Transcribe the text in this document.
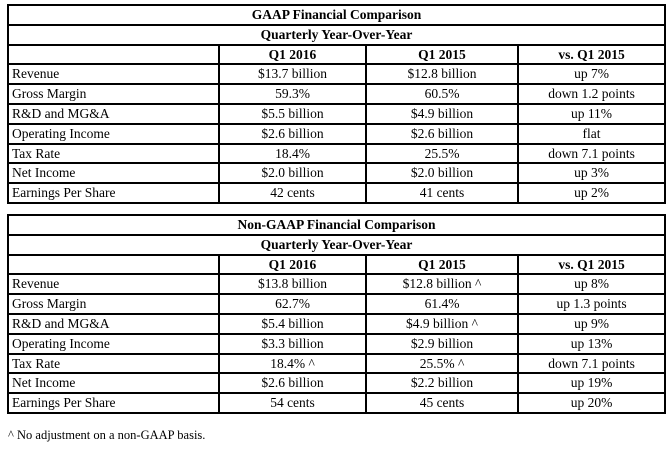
GAAP Financial Comparison			
Quarterly Year-Over-Year			
	Q1 2016	Q1 2015	vs. Q1 2015
Revenue	$13.7 billion	$12.8 billion	up 7%
Gross Margin	59.3%	60.5%	down 1.2 points
R&D and MG&A	$5.5 billion	$4.9 billion	up 11%
Operating Income	$2.6 billion	$2.6 billion	flat
Tax Rate	18.4%	25.5%	down 7.1 points
Net Income	$2.0 billion	$2.0 billion	up 3%
Earnings Per Share	42 cents	41 cents	up 2%
Non-GAAP Financial Comparison			
Quarterly Year-Over-Year			
	Q1 2016	Q1 2015	vs. Q1 2015
Revenue	$13.8 billion	$12.8 billion ^	up 8%
Gross Margin	62.7%	61.4%	up 1.3 points
R&D and MG&A	$5.4 billion	$4.9 billion ^	up 9%
Operating Income	$3.3 billion	$2.9 billion	up 13%
Tax Rate	18.4% ^	25.5% ^	down 7.1 points
Net Income	$2.6 billion	$2.2 billion	up 19%
Earnings Per Share	54 cents	45 cents	up 20%

^ No adjustment on a non-GAAP basis.
